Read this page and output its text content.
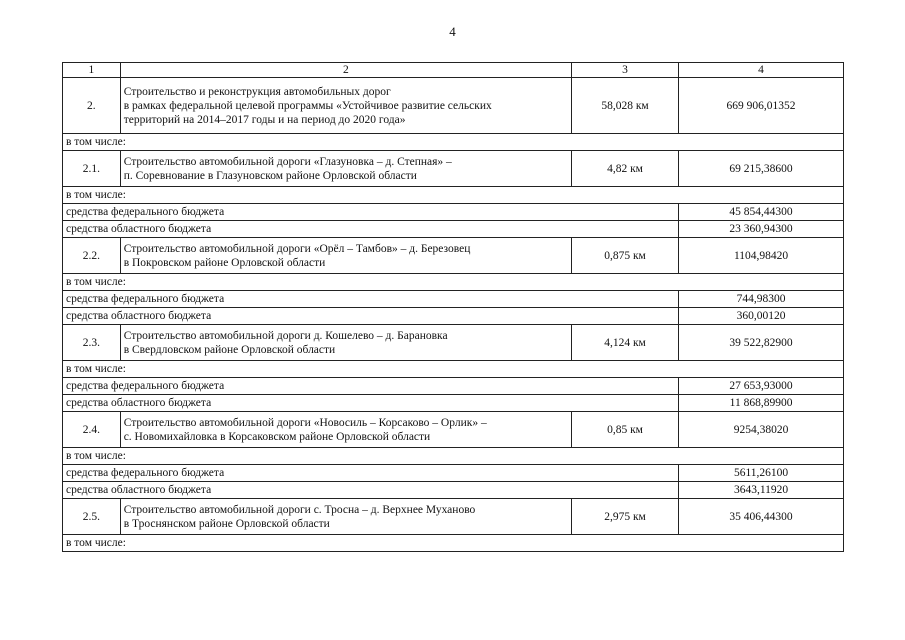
4
1	2	3	4
2.	Строительство и реконструкция автомобильных дорог
в рамках федеральной целевой программы «Устойчивое развитие сельских
территорий на 2014–2017 годы и на период до 2020 года»	58,028 км	669 906,01352
в том числе:			
2.1.	Строительство автомобильной дороги «Глазуновка – д. Степная» –
п. Соревнование в Глазуновском районе Орловской области	4,82 км	69 215,38600
в том числе:			
средства федерального бюджета			45 854,44300
средства областного бюджета			23 360,94300
2.2.	Строительство автомобильной дороги «Орёл – Тамбов» – д. Березовец
в Покровском районе Орловской области	0,875 км	1104,98420
в том числе:			
средства федерального бюджета			744,98300
средства областного бюджета			360,00120
2.3.	Строительство автомобильной дороги д. Кошелево – д. Барановка
в Свердловском районе Орловской области	4,124 км	39 522,82900
в том числе:			
средства федерального бюджета			27 653,93000
средства областного бюджета			11 868,89900
2.4.	Строительство автомобильной дороги «Новосиль – Корсаково – Орлик» –
с. Новомихайловка в Корсаковском районе Орловской области	0,85 км	9254,38020
в том числе:			
средства федерального бюджета			5611,26100
средства областного бюджета			3643,11920
2.5.	Строительство автомобильной дороги с. Тросна – д. Верхнее Муханово
в Троснянском районе Орловской области	2,975 км	35 406,44300
в том числе:			
